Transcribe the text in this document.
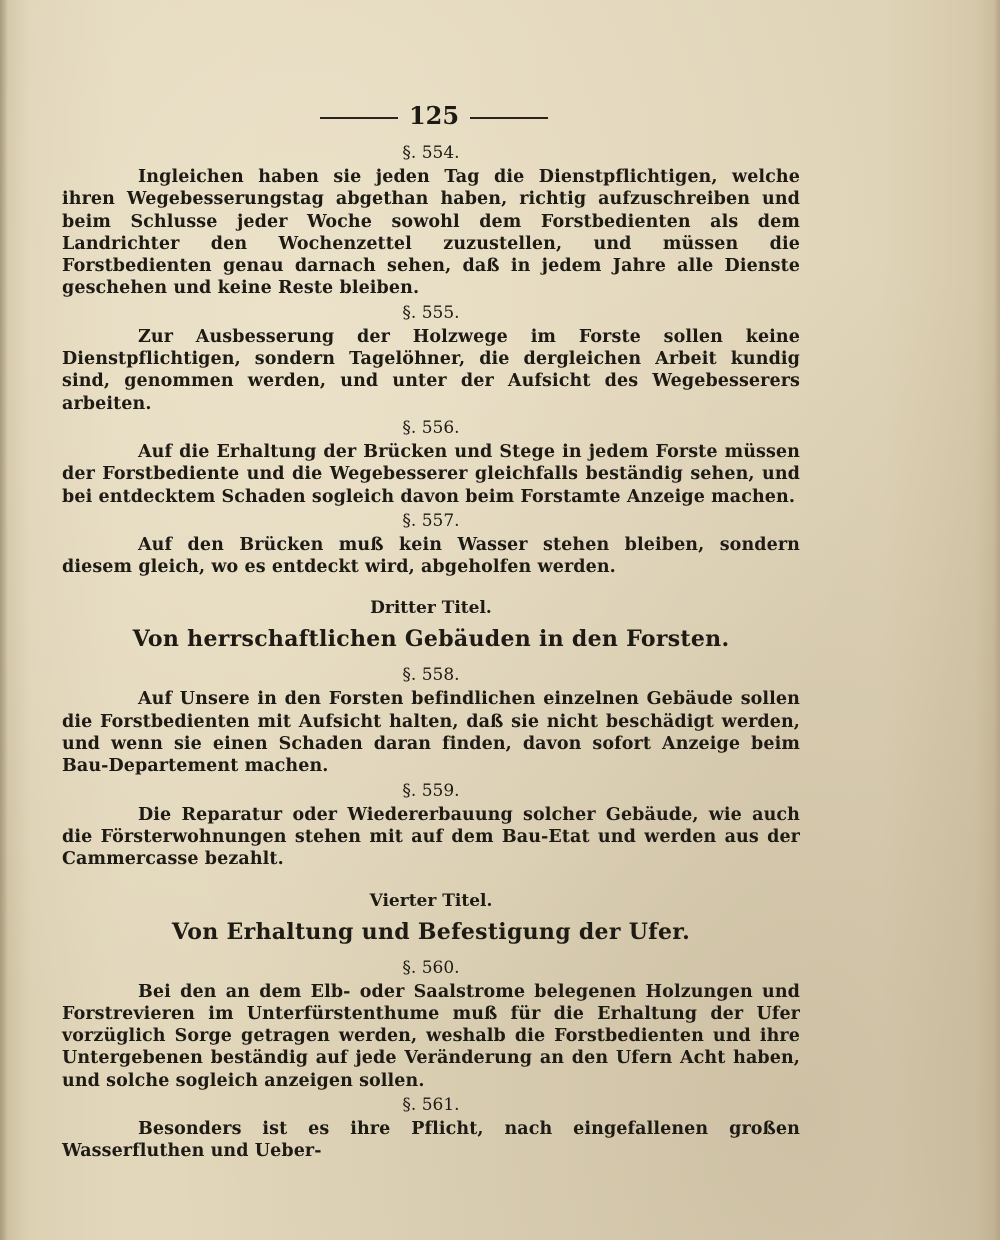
125
§. 554.

Ingleichen haben sie jeden Tag die Dienstpflichtigen, welche ihren Wegebesserungstag abgethan haben, richtig aufzuschreiben und beim Schlusse jeder Woche sowohl dem Forstbedienten als dem Landrichter den Wochenzettel zuzustellen, und müssen die Forstbedienten genau darnach sehen, daß in jedem Jahre alle Dienste geschehen und keine Reste bleiben.

§. 555.

Zur Ausbesserung der Holzwege im Forste sollen keine Dienstpflichtigen, sondern Tagelöhner, die dergleichen Arbeit kundig sind, genommen werden, und unter der Aufsicht des Wegebesserers arbeiten.

§. 556.

Auf die Erhaltung der Brücken und Stege in jedem Forste müssen der Forstbediente und die Wegebesserer gleichfalls beständig sehen, und bei entdecktem Schaden sogleich davon beim Forstamte Anzeige machen.

§. 557.

Auf den Brücken muß kein Wasser stehen bleiben, sondern diesem gleich, wo es entdeckt wird, abgeholfen werden.

Dritter Titel.
Von herrschaftlichen Gebäuden in den Forsten.
§. 558.

Auf Unsere in den Forsten befindlichen einzelnen Gebäude sollen die Forstbedienten mit Aufsicht halten, daß sie nicht beschädigt werden, und wenn sie einen Schaden daran finden, davon sofort Anzeige beim Bau-Departement machen.

§. 559.

Die Reparatur oder Wiedererbauung solcher Gebäude, wie auch die Försterwohnungen stehen mit auf dem Bau-Etat und werden aus der Cammercasse bezahlt.

Vierter Titel.
Von Erhaltung und Befestigung der Ufer.
§. 560.

Bei den an dem Elb- oder Saalstrome belegenen Holzungen und Forstrevieren im Unterfürstenthume muß für die Erhaltung der Ufer vorzüglich Sorge getragen werden, weshalb die Forstbedienten und ihre Untergebenen beständig auf jede Veränderung an den Ufern Acht haben, und solche sogleich anzeigen sollen.

§. 561.

Besonders ist es ihre Pflicht, nach eingefallenen großen Wasserfluthen und Ueber-
